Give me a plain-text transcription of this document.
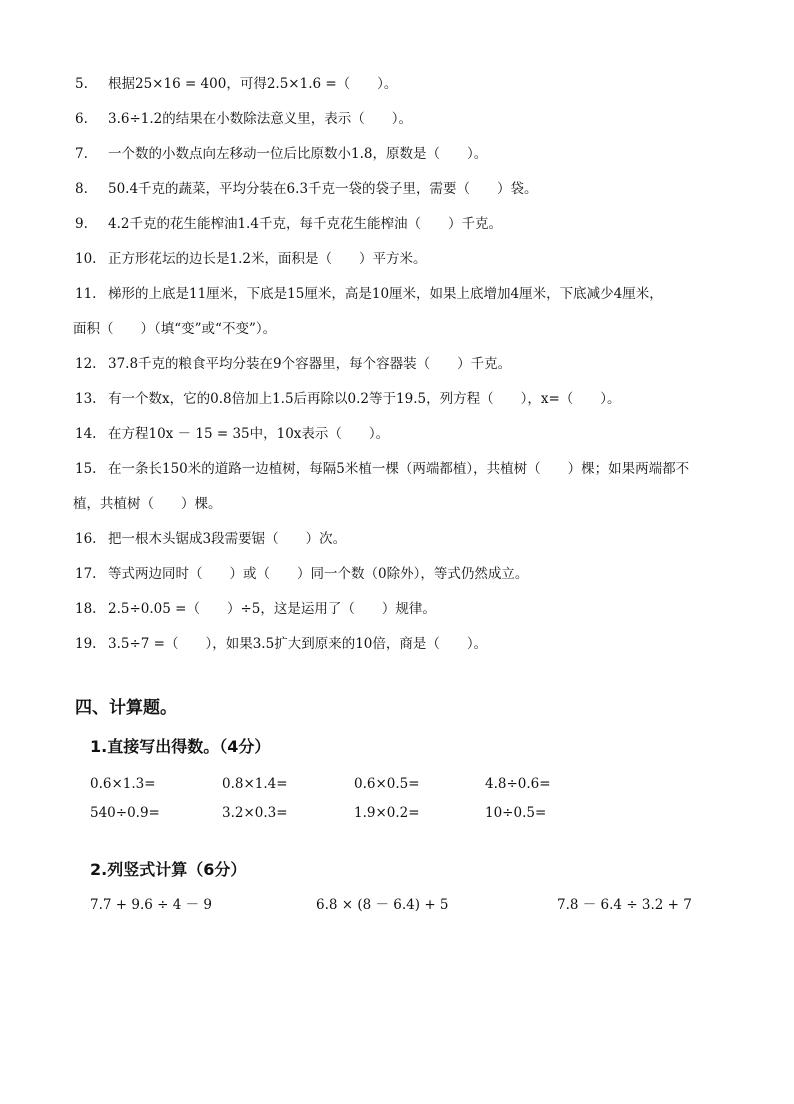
5. 根据25×16 = 400，可得2.5×1.6 =（　　）。
6. 3.6÷1.2的结果在小数除法意义里，表示（　　）。
7. 一个数的小数点向左移动一位后比原数小1.8，原数是（　　）。
8. 50.4千克的蔬菜，平均分装在6.3千克一袋的袋子里，需要（　　）袋。
9. 4.2千克的花生能榨油1.4千克，每千克花生能榨油（　　）千克。
10. 正方形花坛的边长是1.2米，面积是（　　）平方米。
11. 梯形的上底是11厘米，下底是15厘米，高是10厘米，如果上底增加4厘米，下底减少4厘米，
面积（　　）（填“变”或“不变”）。
12. 37.8千克的粮食平均分装在9个容器里，每个容器装（　　）千克。
13. 有一个数x，它的0.8倍加上1.5后再除以0.2等于19.5，列方程（　　），x=（　　）。
14. 在方程10x － 15 = 35中，10x表示（　　）。
15. 在一条长150米的道路一边植树，每隔5米植一棵（两端都植），共植树（　　）棵；如果两端都不
植，共植树（　　）棵。
16. 把一根木头锯成3段需要锯（　　）次。
17. 等式两边同时（　　）或（　　）同一个数（0除外），等式仍然成立。
18. 2.5÷0.05 =（　　）÷5，这是运用了（　　）规律。
19. 3.5÷7 =（　　），如果3.5扩大到原来的10倍，商是（　　）。
四、计算题。
1.直接写出得数。（4分）
0.6×1.3=	0.8×1.4=	0.6×0.5=	4.8÷0.6=
540÷0.9=	3.2×0.3=	1.9×0.2=	10÷0.5=
2.列竖式计算（6分）
7.7 + 9.6 ÷ 4 － 9	6.8 × (8 － 6.4) + 5	7.8 － 6.4 ÷ 3.2 + 7
